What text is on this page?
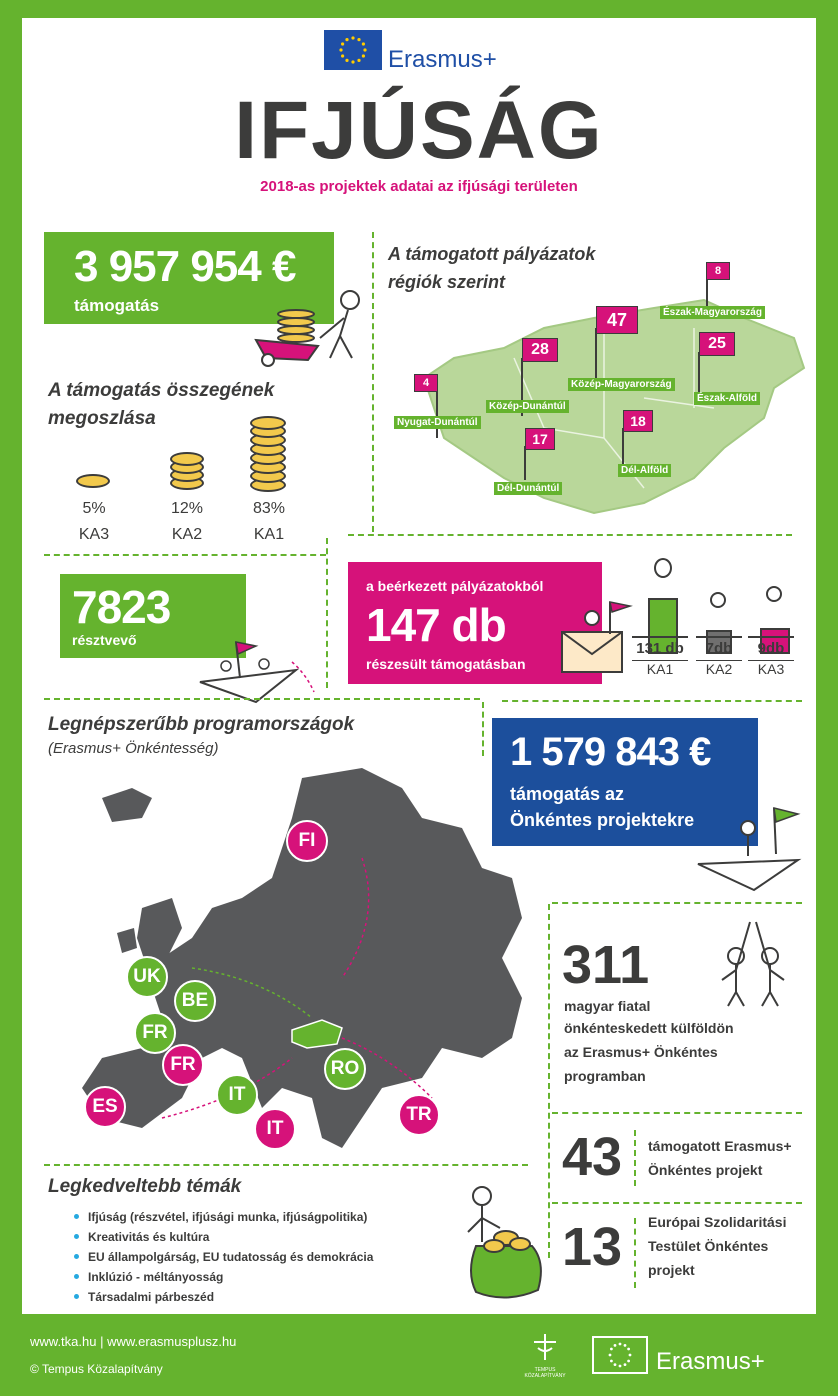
Erasmus+
IFJÚSÁG
2018-as projektek adatai az ifjúsági területen
3 957 954 €
támogatás
A támogatás összegének
megoszlása
5%	12%	83%
KA3	KA2	KA1
A támogatott pályázatok
régiók szerint
4
Nyugat-Dunántúl
28
Közép-Dunántúl
47
Közép-Magyarország
8
Észak-Magyarország
25
Észak-Alföld
17
Dél-Dunántúl
18
Dél-Alföld
7823
résztvevő
a beérkezett pályázatokból
147 db
részesült támogatásban
131 db	7db	9db
KA1	KA2	KA3
Legnépszerűbb programországok
(Erasmus+ Önkéntesség)
FI
UK
BE
FR
FR	RO
IT
IT
ES	TR
1 579 843 €
támogatás az
Önkéntes projektekre
311
magyar fiatal
önkénteskedett külföldön
az Erasmus+ Önkéntes
programban
43 támogatott Erasmus+
Önkéntes projekt
13 Európai Szolidaritási
Testület Önkéntes
projekt
Legkedveltebb témák
Ifjúság (részvétel, ifjúsági munka, ifjúságpolitika)
Kreativitás és kultúra
EU állampolgárság, EU tudatosság és demokrácia
Inklúzió - méltányosság
Társadalmi párbeszéd
www.tka.hu | www.erasmusplusz.hu
© Tempus Közalapítvány	TEMPUS KÖZALAPÍTVÁNY
Erasmus+
